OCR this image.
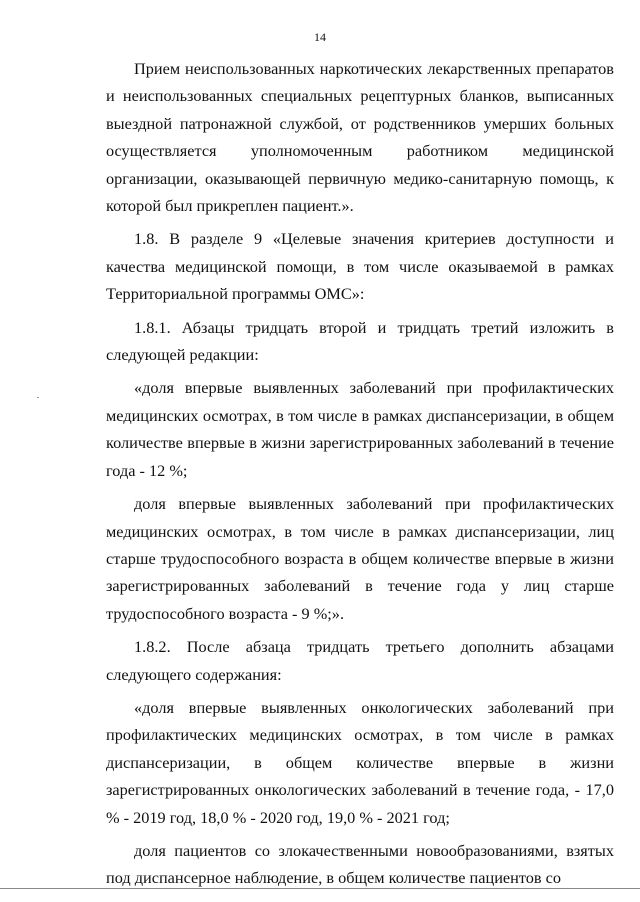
14

Прием неиспользованных наркотических лекарственных препаратов и неиспользованных специальных рецептурных бланков, выписанных выездной патронажной службой, от родственников умерших больных осуществляется уполномоченным работником медицинской организации, оказывающей первичную медико-санитарную помощь, к которой был прикреплен пациент.».

1.8. В разделе 9 «Целевые значения критериев доступности и качества медицинской помощи, в том числе оказываемой в рамках Территориальной программы ОМС»:

1.8.1. Абзацы тридцать второй и тридцать третий изложить в следующей редакции:

«доля впервые выявленных заболеваний при профилактических медицинских осмотрах, в том числе в рамках диспансеризации, в общем количестве впервые в жизни зарегистрированных заболеваний в течение года - 12 %;

доля впервые выявленных заболеваний при профилактических медицинских осмотрах, в том числе в рамках диспансеризации, лиц старше трудоспособного возраста в общем количестве впервые в жизни зарегистрированных заболеваний в течение года у лиц старше трудоспособного возраста - 9 %;».

1.8.2. После абзаца тридцать третьего дополнить абзацами следующего содержания:

«доля впервые выявленных онкологических заболеваний при профилактических медицинских осмотрах, в том числе в рамках диспансеризации, в общем количестве впервые в жизни зарегистрированных онкологических заболеваний в течение года, - 17,0 % - 2019 год, 18,0 % - 2020 год, 19,0 % - 2021 год;

доля пациентов со злокачественными новообразованиями, взятых под диспансерное наблюдение, в общем количестве пациентов со
